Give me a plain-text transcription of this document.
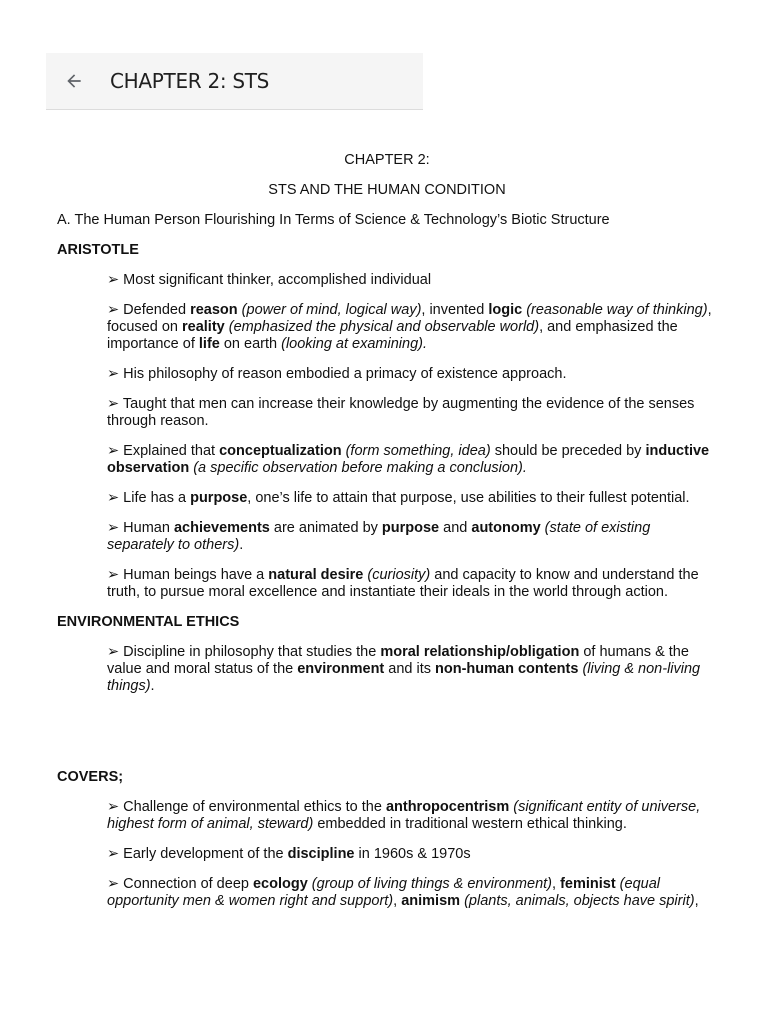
CHAPTER 2: STS

CHAPTER 2:

STS AND THE HUMAN CONDITION

A. The Human Person Flourishing In Terms of Science & Technology’s Biotic Structure

ARISTOTLE

➢ Most significant thinker, accomplished individual

➢ Defended reason (power of mind, logical way), invented logic (reasonable way of thinking), focused on reality (emphasized the physical and observable world), and emphasized the importance of life on earth (looking at examining).

➢ His philosophy of reason embodied a primacy of existence approach.

➢ Taught that men can increase their knowledge by augmenting the evidence of the senses through reason.

➢ Explained that conceptualization (form something, idea) should be preceded by inductive observation (a specific observation before making a conclusion).

➢ Life has a purpose, one’s life to attain that purpose, use abilities to their fullest potential.

➢ Human achievements are animated by purpose and autonomy (state of existing separately to others).

➢ Human beings have a natural desire (curiosity) and capacity to know and understand the truth, to pursue moral excellence and instantiate their ideals in the world through action.

ENVIRONMENTAL ETHICS

➢ Discipline in philosophy that studies the moral relationship/obligation of humans & the value and moral status of the environment and its non-human contents (living & non-living things).

COVERS;

➢ Challenge of environmental ethics to the anthropocentrism (significant entity of universe, highest form of animal, steward) embedded in traditional western ethical thinking.

➢ Early development of the discipline in 1960s & 1970s

➢ Connection of deep ecology (group of living things & environment), feminist (equal opportunity men & women right and support), animism (plants, animals, objects have spirit),
